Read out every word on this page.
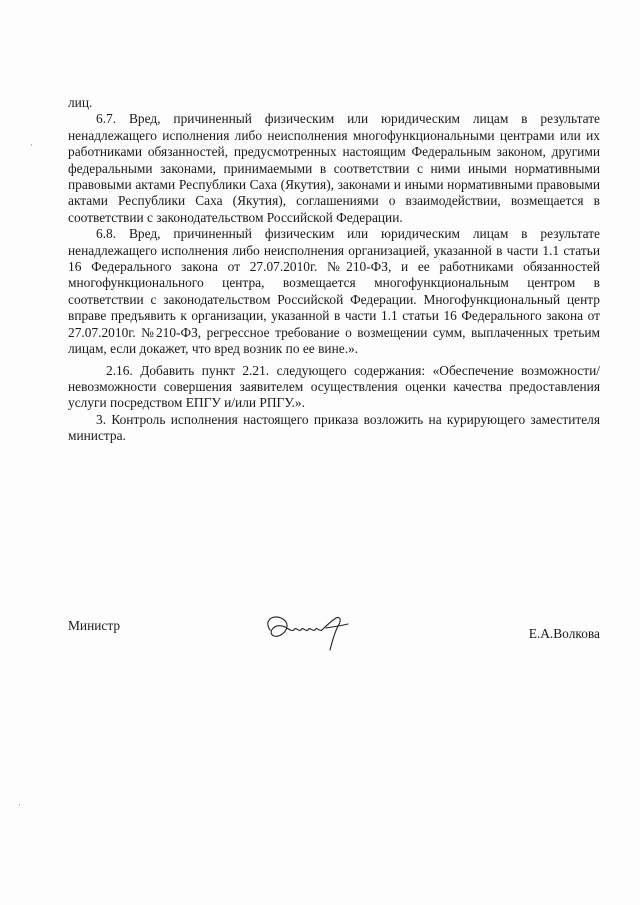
лиц.

6.7. Вред, причиненный физическим или юридическим лицам в результате ненадлежащего исполнения либо неисполнения многофункциональными центрами или их работниками обязанностей, предусмотренных настоящим Федеральным законом, другими федеральными законами, принимаемыми в соответствии с ними иными нормативными правовыми актами Республики Саха (Якутия), законами и иными нормативными правовыми актами Республики Саха (Якутия), соглашениями о взаимодействии, возмещается в соответствии с законодательством Российской Федерации.

6.8. Вред, причиненный физическим или юридическим лицам в результате ненадлежащего исполнения либо неисполнения организацией, указанной в части 1.1 статьи 16 Федерального закона от 27.07.2010г. №210-ФЗ, и ее работниками обязанностей многофункционального центра, возмещается многофункциональным центром в соответствии с законодательством Российской Федерации. Многофункциональный центр вправе предъявить к организации, указанной в части 1.1 статьи 16 Федерального закона от 27.07.2010г. №210-ФЗ, регрессное требование о возмещении сумм, выплаченных третьим лицам, если докажет, что вред возник по ее вине.».

2.16. Добавить пункт 2.21. следующего содержания: «Обеспечение возможности/невозможности совершения заявителем осуществления оценки качества предоставления услуги посредством ЕПГУ и/или РПГУ.».

3. Контроль исполнения настоящего приказа возложить на курирующего заместителя министра.

Министр
Е.А.Волкова
·
·
